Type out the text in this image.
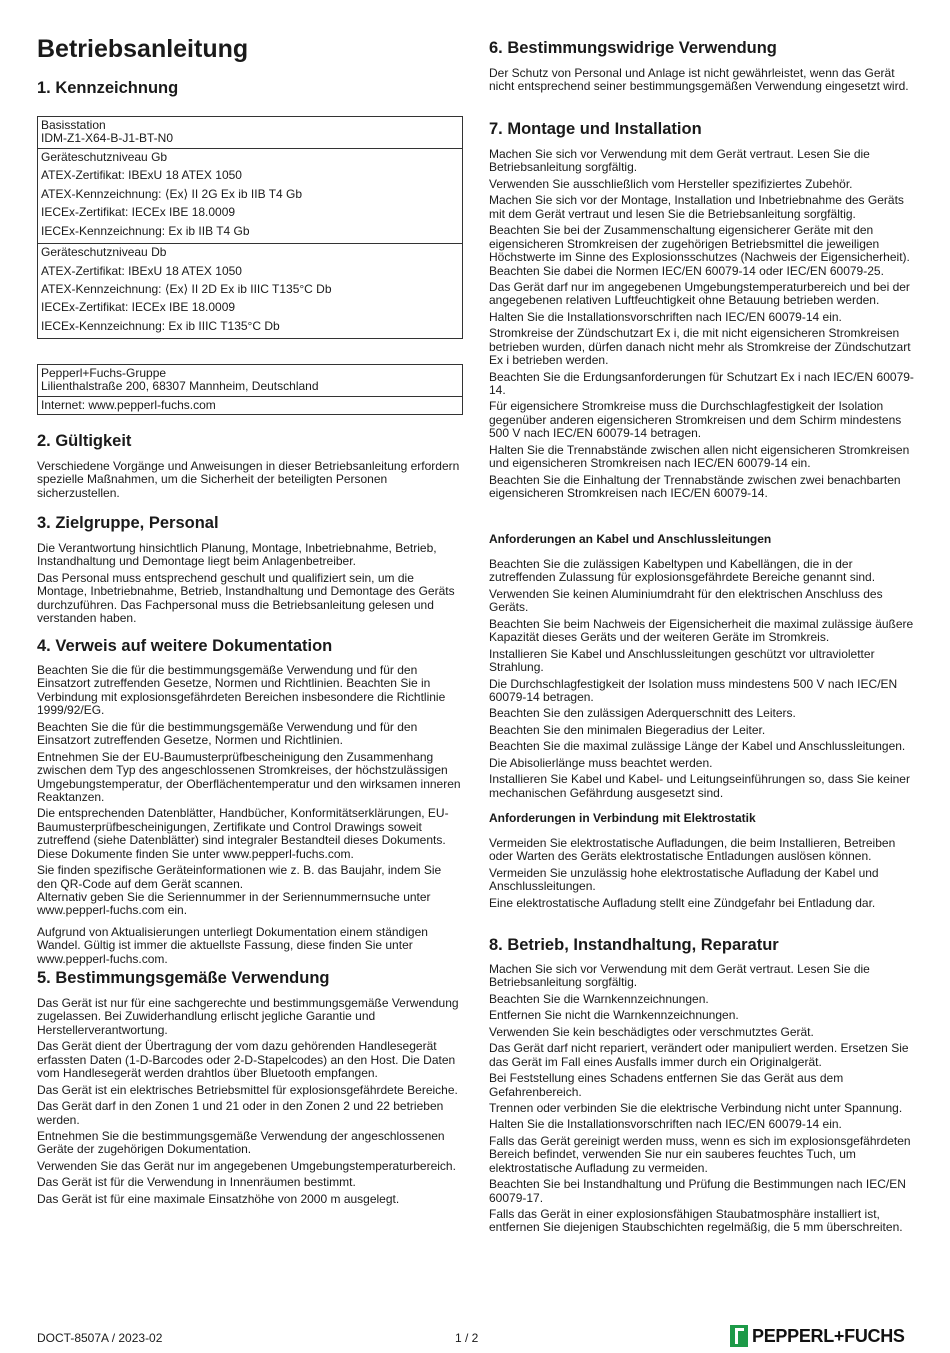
Betriebsanleitung
1. Kennzeichnung
Basisstation
IDM-Z1-X64-B-J1-BT-N0
Geräteschutzniveau Gb
ATEX-Zertifikat: IBExU 18 ATEX 1050
ATEX-Kennzeichnung: ⟨Ex⟩ II 2G Ex ib IIB T4 Gb
IECEx-Zertifikat: IECEx IBE 18.0009
IECEx-Kennzeichnung: Ex ib IIB T4 Gb
Geräteschutzniveau Db
ATEX-Zertifikat: IBExU 18 ATEX 1050
ATEX-Kennzeichnung: ⟨Ex⟩ II 2D Ex ib IIIC T135°C Db
IECEx-Zertifikat: IECEx IBE 18.0009
IECEx-Kennzeichnung: Ex ib IIIC T135°C Db
Pepperl+Fuchs-Gruppe
Lilienthalstraße 200, 68307 Mannheim, Deutschland
Internet: www.pepperl-fuchs.com
2. Gültigkeit

Verschiedene Vorgänge und Anweisungen in dieser Betriebsanleitung erfordern spezielle Maßnahmen, um die Sicherheit der beteiligten Personen sicherzustellen.

3. Zielgruppe, Personal

Die Verantwortung hinsichtlich Planung, Montage, Inbetriebnahme, Betrieb, Instandhaltung und Demontage liegt beim Anlagenbetreiber.

Das Personal muss entsprechend geschult und qualifiziert sein, um die Montage, Inbetriebnahme, Betrieb, Instandhaltung und Demontage des Geräts durchzuführen. Das Fachpersonal muss die Betriebsanleitung gelesen und verstanden haben.

4. Verweis auf weitere Dokumentation

Beachten Sie die für die bestimmungsgemäße Verwendung und für den Einsatzort zutreffenden Gesetze, Normen und Richtlinien. Beachten Sie in Verbindung mit explosionsgefährdeten Bereichen insbesondere die Richtlinie 1999/92/EG.

Beachten Sie die für die bestimmungsgemäße Verwendung und für den Einsatzort zutreffenden Gesetze, Normen und Richtlinien.

Entnehmen Sie der EU-Baumusterprüfbescheinigung den Zusammenhang zwischen dem Typ des angeschlossenen Stromkreises, der höchstzulässigen Umgebungstemperatur, der Oberflächentemperatur und den wirksamen inneren Reaktanzen.

Die entsprechenden Datenblätter, Handbücher, Konformitätserklärungen, EU-Baumusterprüfbescheinigungen, Zertifikate und Control Drawings soweit zutreffend (siehe Datenblätter) sind integraler Bestandteil dieses Dokuments. Diese Dokumente finden Sie unter www.pepperl-fuchs.com.

Sie finden spezifische Geräteinformationen wie z. B. das Baujahr, indem Sie den QR-Code auf dem Gerät scannen.
Alternativ geben Sie die Seriennummer in der Seriennummernsuche unter www.pepperl-fuchs.com ein.

Aufgrund von Aktualisierungen unterliegt Dokumentation einem ständigen Wandel. Gültig ist immer die aktuellste Fassung, diese finden Sie unter www.pepperl-fuchs.com.

5. Bestimmungsgemäße Verwendung

Das Gerät ist nur für eine sachgerechte und bestimmungsgemäße Verwendung zugelassen. Bei Zuwiderhandlung erlischt jegliche Garantie und Herstellerverantwortung.

Das Gerät dient der Übertragung der vom dazu gehörenden Handlesegerät erfassten Daten (1-D-Barcodes oder 2-D-Stapelcodes) an den Host. Die Daten vom Handlesegerät werden drahtlos über Bluetooth empfangen.

Das Gerät ist ein elektrisches Betriebsmittel für explosionsgefährdete Bereiche.

Das Gerät darf in den Zonen 1 und 21 oder in den Zonen 2 und 22 betrieben werden.

Entnehmen Sie die bestimmungsgemäße Verwendung der angeschlossenen Geräte der zugehörigen Dokumentation.

Verwenden Sie das Gerät nur im angegebenen Umgebungstemperaturbereich.

Das Gerät ist für die Verwendung in Innenräumen bestimmt.

Das Gerät ist für eine maximale Einsatzhöhe von 2000 m ausgelegt.

6. Bestimmungswidrige Verwendung

Der Schutz von Personal und Anlage ist nicht gewährleistet, wenn das Gerät nicht entsprechend seiner bestimmungsgemäßen Verwendung eingesetzt wird.

7. Montage und Installation

Machen Sie sich vor Verwendung mit dem Gerät vertraut. Lesen Sie die Betriebsanleitung sorgfältig.

Verwenden Sie ausschließlich vom Hersteller spezifiziertes Zubehör.

Machen Sie sich vor der Montage, Installation und Inbetriebnahme des Geräts mit dem Gerät vertraut und lesen Sie die Betriebsanleitung sorgfältig.

Beachten Sie bei der Zusammenschaltung eigensicherer Geräte mit den eigensicheren Stromkreisen der zugehörigen Betriebsmittel die jeweiligen Höchstwerte im Sinne des Explosionsschutzes (Nachweis der Eigensicherheit). Beachten Sie dabei die Normen IEC/EN 60079-14 oder IEC/EN 60079-25.

Das Gerät darf nur im angegebenen Umgebungstemperaturbereich und bei der angegebenen relativen Luftfeuchtigkeit ohne Betauung betrieben werden.

Halten Sie die Installationsvorschriften nach IEC/EN 60079-14 ein.

Stromkreise der Zündschutzart Ex i, die mit nicht eigensicheren Stromkreisen betrieben wurden, dürfen danach nicht mehr als Stromkreise der Zündschutzart Ex i betrieben werden.

Beachten Sie die Erdungsanforderungen für Schutzart Ex i nach IEC/EN 60079-14.

Für eigensichere Stromkreise muss die Durchschlagfestigkeit der Isolation gegenüber anderen eigensicheren Stromkreisen und dem Schirm mindestens 500 V nach IEC/EN 60079-14 betragen.

Halten Sie die Trennabstände zwischen allen nicht eigensicheren Stromkreisen und eigensicheren Stromkreisen nach IEC/EN 60079-14 ein.

Beachten Sie die Einhaltung der Trennabstände zwischen zwei benachbarten eigensicheren Stromkreisen nach IEC/EN 60079-14.

Anforderungen an Kabel und Anschlussleitungen

Beachten Sie die zulässigen Kabeltypen und Kabellängen, die in der zutreffenden Zulassung für explosionsgefährdete Bereiche genannt sind.

Verwenden Sie keinen Aluminiumdraht für den elektrischen Anschluss des Geräts.

Beachten Sie beim Nachweis der Eigensicherheit die maximal zulässige äußere Kapazität dieses Geräts und der weiteren Geräte im Stromkreis.

Installieren Sie Kabel und Anschlussleitungen geschützt vor ultravioletter Strahlung.

Die Durchschlagfestigkeit der Isolation muss mindestens 500 V nach IEC/EN 60079-14 betragen.

Beachten Sie den zulässigen Aderquerschnitt des Leiters.

Beachten Sie den minimalen Biegeradius der Leiter.

Beachten Sie die maximal zulässige Länge der Kabel und Anschlussleitungen.

Die Abisolierlänge muss beachtet werden.

Installieren Sie Kabel und Kabel- und Leitungseinführungen so, dass Sie keiner mechanischen Gefährdung ausgesetzt sind.

Anforderungen in Verbindung mit Elektrostatik

Vermeiden Sie elektrostatische Aufladungen, die beim Installieren, Betreiben oder Warten des Geräts elektrostatische Entladungen auslösen können.

Vermeiden Sie unzulässig hohe elektrostatische Aufladung der Kabel und Anschlussleitungen.

Eine elektrostatische Aufladung stellt eine Zündgefahr bei Entladung dar.

8. Betrieb, Instandhaltung, Reparatur

Machen Sie sich vor Verwendung mit dem Gerät vertraut. Lesen Sie die Betriebsanleitung sorgfältig.

Beachten Sie die Warnkennzeichnungen.

Entfernen Sie nicht die Warnkennzeichnungen.

Verwenden Sie kein beschädigtes oder verschmutztes Gerät.

Das Gerät darf nicht repariert, verändert oder manipuliert werden. Ersetzen Sie das Gerät im Fall eines Ausfalls immer durch ein Originalgerät.

Bei Feststellung eines Schadens entfernen Sie das Gerät aus dem Gefahrenbereich.

Trennen oder verbinden Sie die elektrische Verbindung nicht unter Spannung.

Halten Sie die Installationsvorschriften nach IEC/EN 60079-14 ein.

Falls das Gerät gereinigt werden muss, wenn es sich im explosionsgefährdeten Bereich befindet, verwenden Sie nur ein sauberes feuchtes Tuch, um elektrostatische Aufladung zu vermeiden.

Beachten Sie bei Instandhaltung und Prüfung die Bestimmungen nach IEC/EN 60079-17.

Falls das Gerät in einer explosionsfähigen Staubatmosphäre installiert ist, entfernen Sie diejenigen Staubschichten regelmäßig, die 5 mm überschreiten.

DOCT-8507A / 2023-02	1 / 2	PEPPERL+FUCHS
